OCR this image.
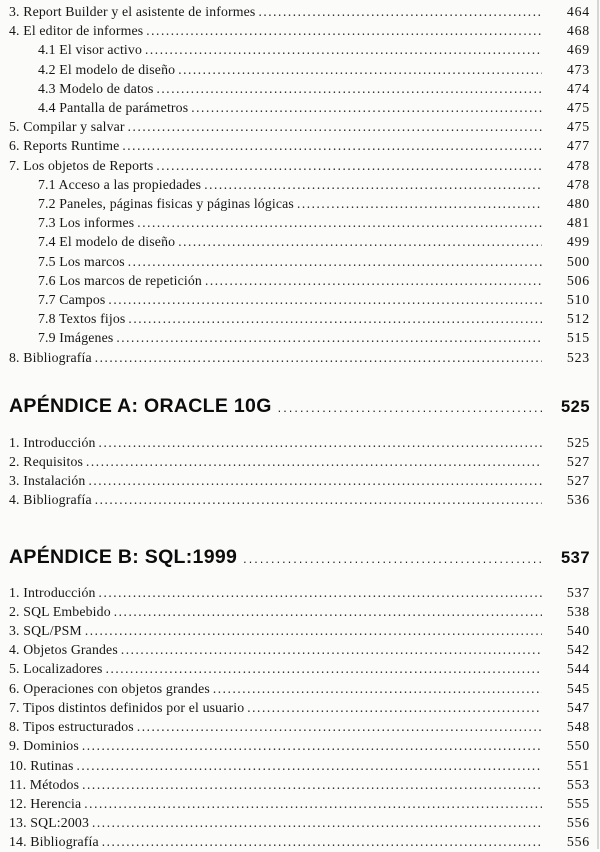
3. Report Builder y el asistente de informes .....	464
4. El editor de informes .....	468
4.1 El visor activo .....	469
4.2 El modelo de diseño .....	473
4.3 Modelo de datos .....	474
4.4 Pantalla de parámetros .....	475
5. Compilar y salvar .....	475
6. Reports Runtime .....	477
7. Los objetos de Reports .....	478
7.1 Acceso a las propiedades .....	478
7.2 Paneles, páginas fisicas y páginas lógicas .....	480
7.3 Los informes .....	481
7.4 El modelo de diseño .....	499
7.5 Los marcos .....	500
7.6 Los marcos de repetición .....	506
7.7 Campos .....	510
7.8 Textos fijos .....	512
7.9 Imágenes .....	515
8. Bibliografía .....	523
APÉNDICE A: ORACLE 10G .....	525
1. Introducción .....	525
2. Requisitos .....	527
3. Instalación .....	527
4. Bibliografía .....	536
APÉNDICE B: SQL:1999 .....	537
1. Introducción .....	537
2. SQL Embebido .....	538
3. SQL/PSM .....	540
4. Objetos Grandes .....	542
5. Localizadores .....	544
6. Operaciones con objetos grandes .....	545
7. Tipos distintos definidos por el usuario .....	547
8. Tipos estructurados .....	548
9. Dominios .....	550
10. Rutinas .....	551
11. Métodos .....	553
12. Herencia .....	555
13. SQL:2003 .....	556
14. Bibliografía .....	556
